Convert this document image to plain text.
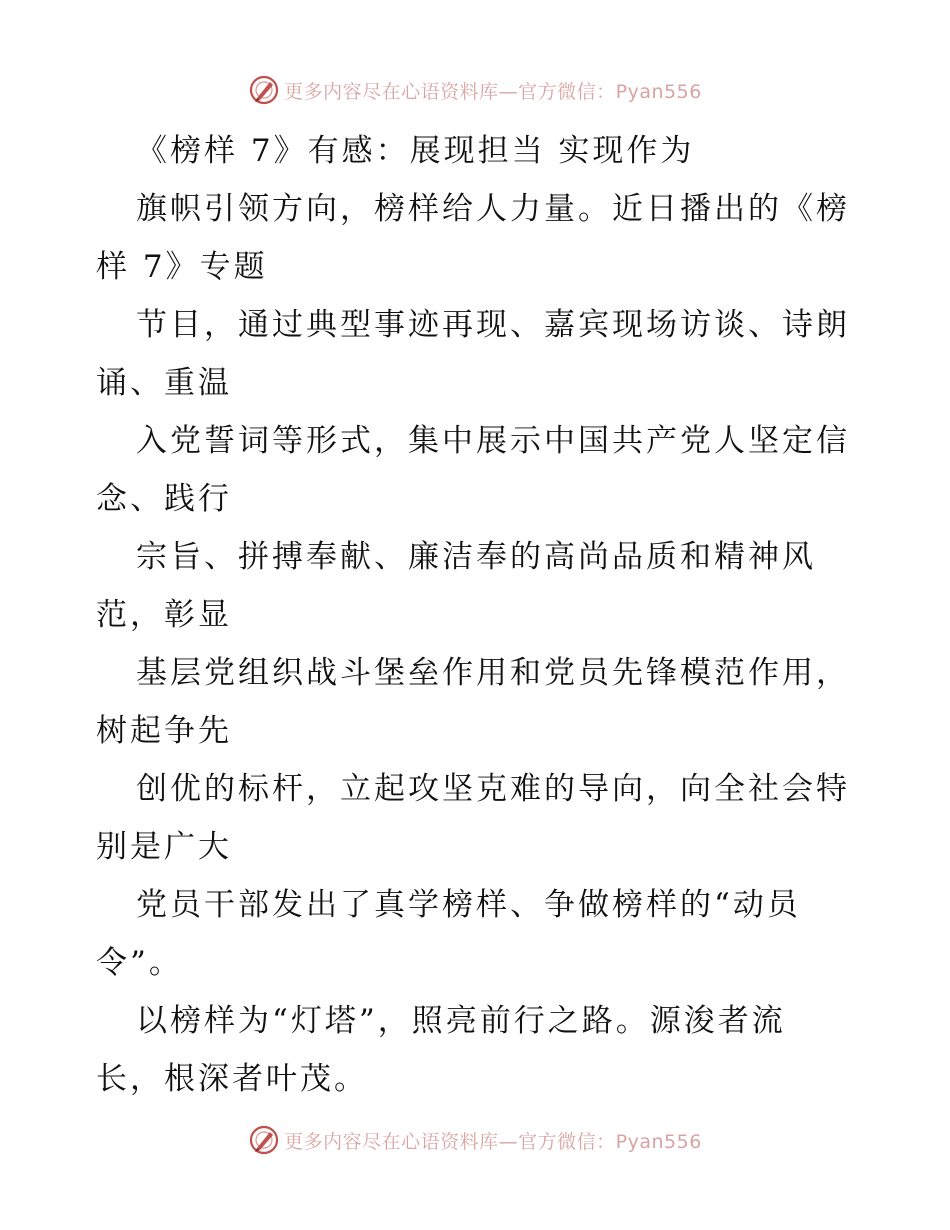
更多内容尽在心语资料库—官方微信：Pyan556
《榜样 7》有感：展现担当 实现作为
旗帜引领方向，榜样给人力量。近日播出的《榜
样 7》专题
节目，通过典型事迹再现、嘉宾现场访谈、诗朗
诵、重温
入党誓词等形式，集中展示中国共产党人坚定信
念、践行
宗旨、拼搏奉献、廉洁奉的高尚品质和精神风
范，彰显
基层党组织战斗堡垒作用和党员先锋模范作用，
树起争先
创优的标杆，立起攻坚克难的导向，向全社会特
别是广大
党员干部发出了真学榜样、争做榜样的“动员
令”。
以榜样为“灯塔”，照亮前行之路。源浚者流
长，根深者叶茂。
更多内容尽在心语资料库—官方微信：Pyan556
